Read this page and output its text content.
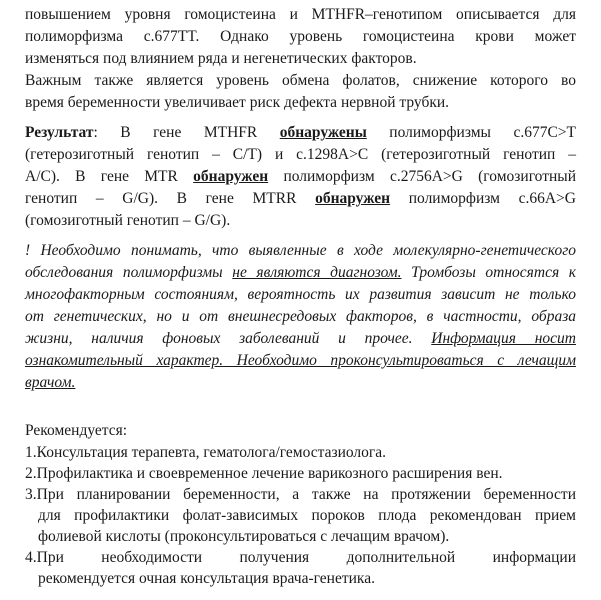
повышением уровня гомоцистеина и MTHFR–генотипом описывается для
полиморфизма c.677TT. Однако уровень гомоцистеина крови может
изменяться под влиянием ряда и негенетических факторов.
Важным также является уровень обмена фолатов, снижение которого во
время беременности увеличивает риск дефекта нервной трубки.
Результат: В гене MTHFR обнаружены полиморфизмы c.677C>T
(гетерозиготный генотип – C/T) и c.1298A>C (гетерозиготный генотип –
A/C). В гене MTR обнаружен полиморфизм c.2756A>G (гомозиготный
генотип – G/G). В гене MTRR обнаружен полиморфизм c.66A>G
(гомозиготный генотип – G/G).
! Необходимо понимать, что выявленные в ходе молекулярно-генетического
обследования полиморфизмы не являются диагнозом. Тромбозы относятся к
многофакторным состояниям, вероятность их развития зависит не только
от генетических, но и от внешнесредовых факторов, в частности, образа
жизни, наличия фоновых заболеваний и прочее. Информация носит
ознакомительный характер. Необходимо проконсультироваться с лечащим
врачом.
Рекомендуется:
1.Консультация терапевта, гематолога/гемостазиолога.
2.Профилактика и своевременное лечение варикозного расширения вен.
3.При планировании беременности, а также на протяжении беременности
для профилактики фолат-зависимых пороков плода рекомендован прием
фолиевой кислоты (проконсультироваться с лечащим врачом).
4.При необходимости получения дополнительной информации
рекомендуется очная консультация врача-генетика.
